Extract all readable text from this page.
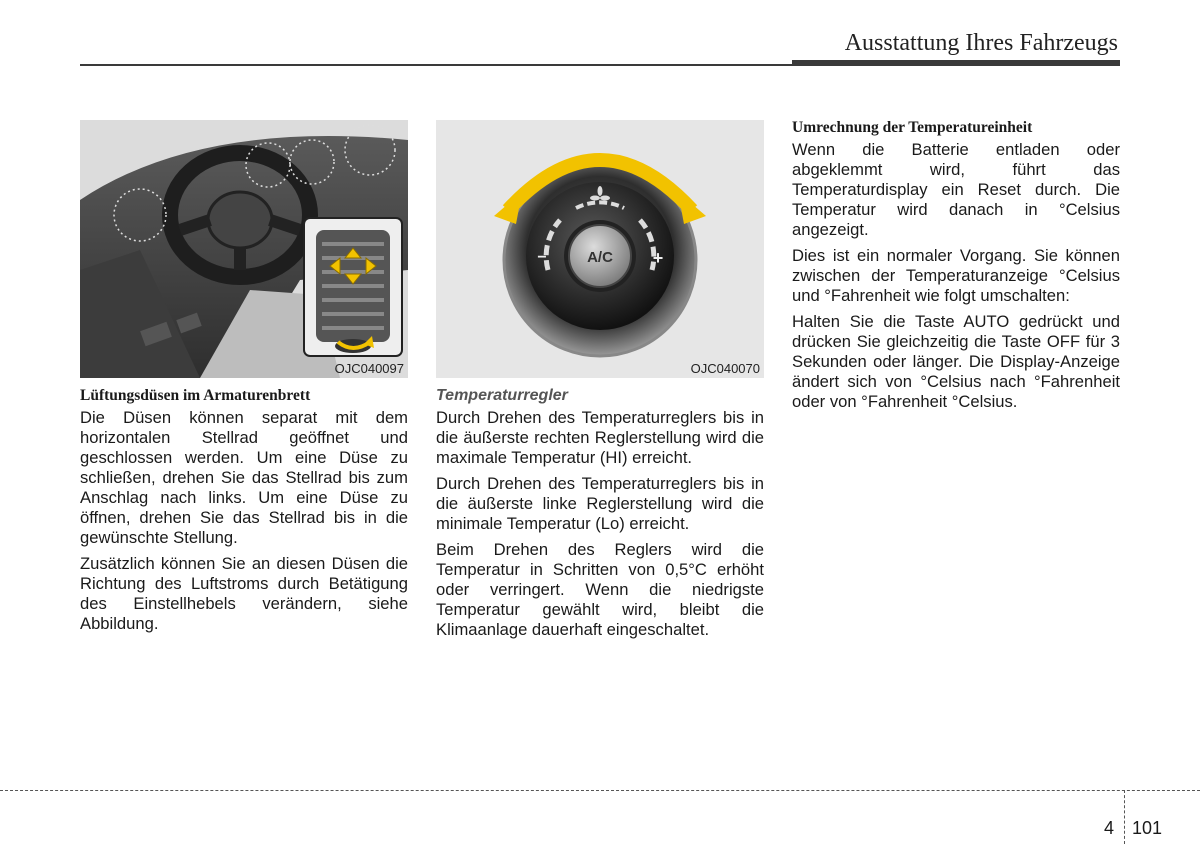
Ausstattung Ihres Fahrzeugs
OJC040097
A/C
−	+
OJC040070
Lüftungsdüsen im Armaturenbrett

Die Düsen können separat mit dem horizontalen Stellrad geöffnet und geschlossen werden. Um eine Düse zu schließen, drehen Sie das Stellrad bis zum Anschlag nach links. Um eine Düse zu öffnen, drehen Sie das Stellrad bis in die gewünschte Stellung.

Zusätzlich können Sie an diesen Düsen die Richtung des Luftstroms durch Betätigung des Einstellhebels verändern, siehe Abbildung.

Temperaturregler

Durch Drehen des Temperaturreglers bis in die äußerste rechten Reglerstellung wird die maximale Temperatur (HI) erreicht.

Durch Drehen des Temperaturreglers bis in die äußerste linke Reglerstellung wird die minimale Temperatur (Lo) erreicht.

Beim Drehen des Reglers wird die Temperatur in Schritten von 0,5°C erhöht oder verringert. Wenn die niedrigste Temperatur gewählt wird, bleibt die Klimaanlage dauerhaft eingeschaltet.

Umrechnung der Temperatureinheit

Wenn die Batterie entladen oder abgeklemmt wird, führt das Temperaturdisplay ein Reset durch. Die Temperatur wird danach in °Celsius angezeigt.

Dies ist ein normaler Vorgang. Sie können zwischen der Temperaturanzeige °Celsius und °Fahrenheit wie folgt umschalten:

Halten Sie die Taste AUTO gedrückt und drücken Sie gleichzeitig die Taste OFF für 3 Sekunden oder länger. Die Display-Anzeige ändert sich von °Celsius nach °Fahrenheit oder von °Fahrenheit °Celsius.

4 101
